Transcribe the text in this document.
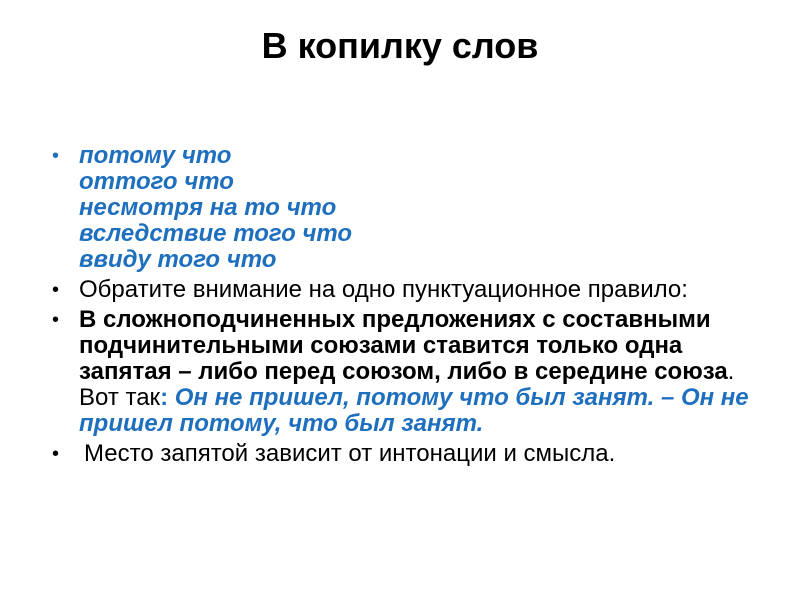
В копилку слов
• потому что
оттого что
несмотря на то что
вследствие того что
ввиду того что
• Обратите внимание на одно пунктуационное правило:
• В сложноподчиненных предложениях с составными подчинительными союзами ставится только одна запятая – либо перед союзом, либо в середине союза. Вот так: Он не пришел, потому что был занят. – Он не пришел потому, что был занят.
• Место запятой зависит от интонации и смысла.
